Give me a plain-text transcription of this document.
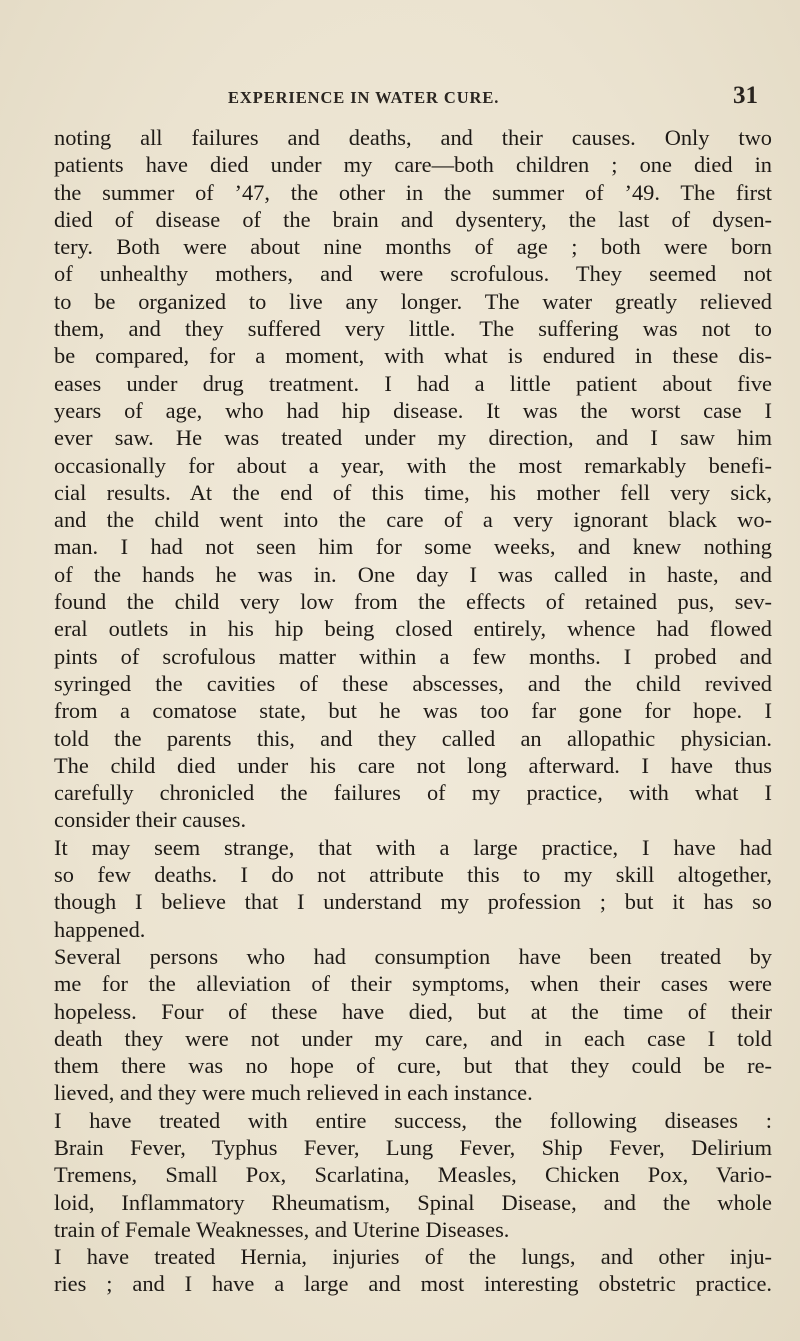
EXPERIENCE IN WATER CURE.	31

noting all failures and deaths, and their causes. Only two

patients have died under my care—both children ; one died in

the summer of ’47, the other in the summer of ’49. The first

died of disease of the brain and dysentery, the last of dysen-

tery. Both were about nine months of age ; both were born

of unhealthy mothers, and were scrofulous. They seemed not

to be organized to live any longer. The water greatly relieved

them, and they suffered very little. The suffering was not to

be compared, for a moment, with what is endured in these dis-

eases under drug treatment. I had a little patient about five

years of age, who had hip disease. It was the worst case I

ever saw. He was treated under my direction, and I saw him

occasionally for about a year, with the most remarkably benefi-

cial results. At the end of this time, his mother fell very sick,

and the child went into the care of a very ignorant black wo-

man. I had not seen him for some weeks, and knew nothing

of the hands he was in. One day I was called in haste, and

found the child very low from the effects of retained pus, sev-

eral outlets in his hip being closed entirely, whence had flowed

pints of scrofulous matter within a few months. I probed and

syringed the cavities of these abscesses, and the child revived

from a comatose state, but he was too far gone for hope. I

told the parents this, and they called an allopathic physician.

The child died under his care not long afterward. I have thus

carefully chronicled the failures of my practice, with what I

consider their causes.

It may seem strange, that with a large practice, I have had

so few deaths. I do not attribute this to my skill altogether,

though I believe that I understand my profession ; but it has so

happened.

Several persons who had consumption have been treated by

me for the alleviation of their symptoms, when their cases were

hopeless. Four of these have died, but at the time of their

death they were not under my care, and in each case I told

them there was no hope of cure, but that they could be re-

lieved, and they were much relieved in each instance.

I have treated with entire success, the following diseases :

Brain Fever, Typhus Fever, Lung Fever, Ship Fever, Delirium

Tremens, Small Pox, Scarlatina, Measles, Chicken Pox, Vario-

loid, Inflammatory Rheumatism, Spinal Disease, and the whole

train of Female Weaknesses, and Uterine Diseases.

I have treated Hernia, injuries of the lungs, and other inju-

ries ; and I have a large and most interesting obstetric practice.
